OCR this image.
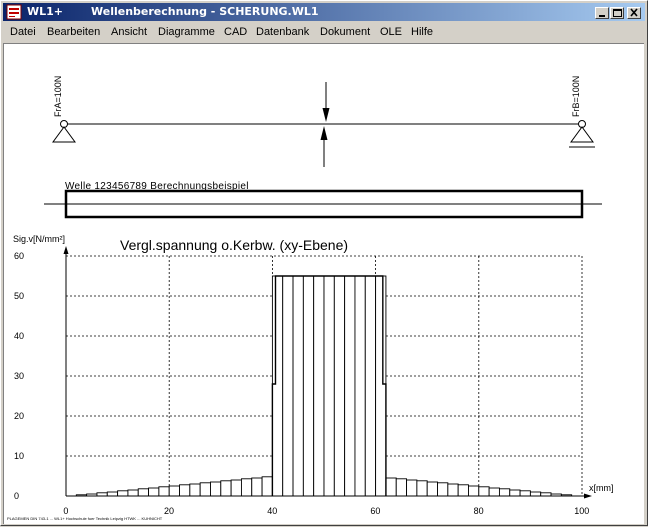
WL1+	Wellenberechnung - SCHERUNG.WL1
Datei Bearbeiten Ansicht Diagramme CAD Datenbank Dokument OLE Hilfe
FrA=100N	FrB=100N
Welle 123456789 Berechnungsbeispiel
Vergl.spannung o.Kerbw. (xy-Ebene)
Sig.v[N/mm²]
x[mm]
0
10
20
30
40
50
60
0	20	40	60	80	100
PLAGEMEN DIN 743-1 ... WL1+ Hochschule fuer Technik Leipzig HTWK ... KUHNICHT
